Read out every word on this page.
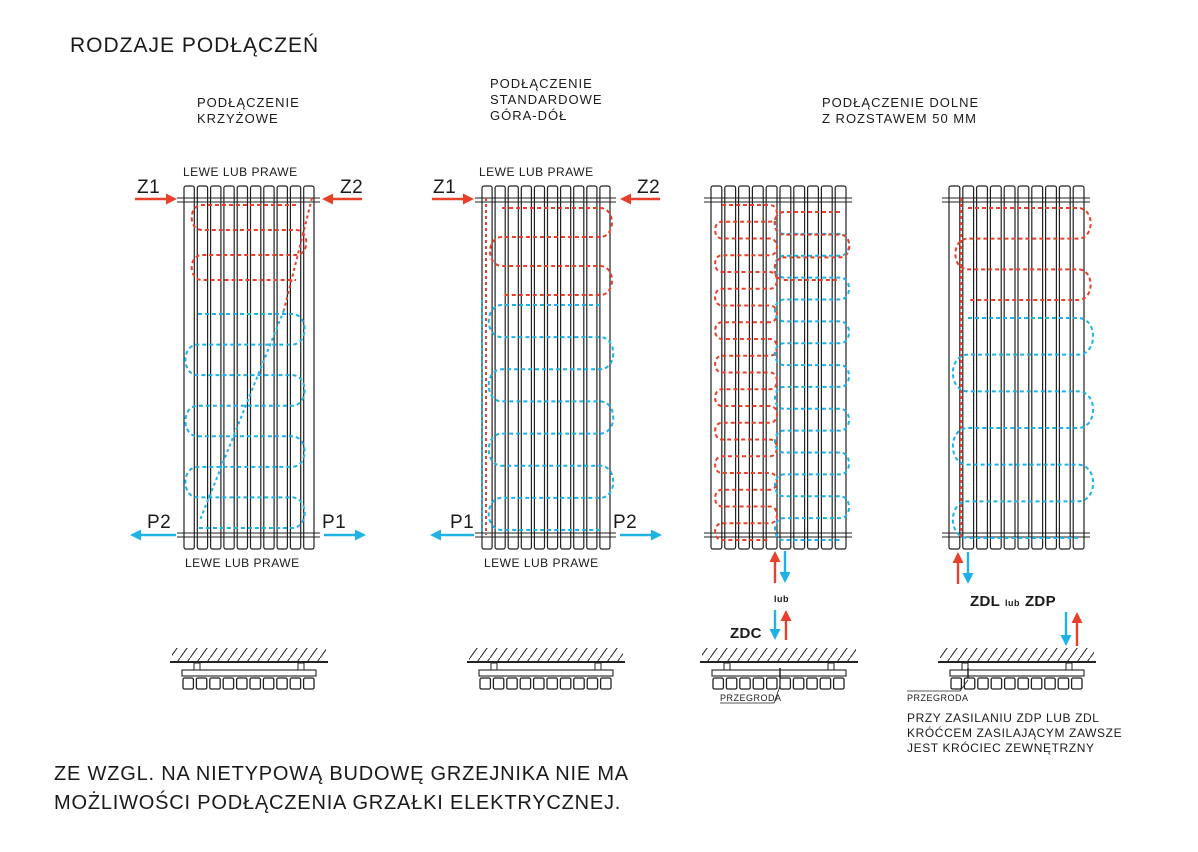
RODZAJE PODŁĄCZEŃ
PODŁĄCZENIE
KRZYŻOWE
PODŁĄCZENIE
STANDARDOWE
GÓRA-DÓŁ
PODŁĄCZENIE DOLNE
Z ROZSTAWEM 50 MM
LEWE LUB PRAWE
LEWE LUB PRAWE
Z1	Z2
P2	P1
LEWE LUB PRAWE
LEWE LUB PRAWE
Z1	Z2
P1	P2
lub
ZDC
PRZEGRODA
ZDL lub ZDP
PRZEGRODA
PRZY ZASILANIU ZDP LUB ZDL
KRÓĆCEM ZASILAJĄCYM ZAWSZE
JEST KRÓCIEC ZEWNĘTRZNY
ZE WZGL. NA NIETYPOWĄ BUDOWĘ GRZEJNIKA NIE MA
MOŻLIWOŚCI PODŁĄCZENIA GRZAŁKI ELEKTRYCZNEJ.
